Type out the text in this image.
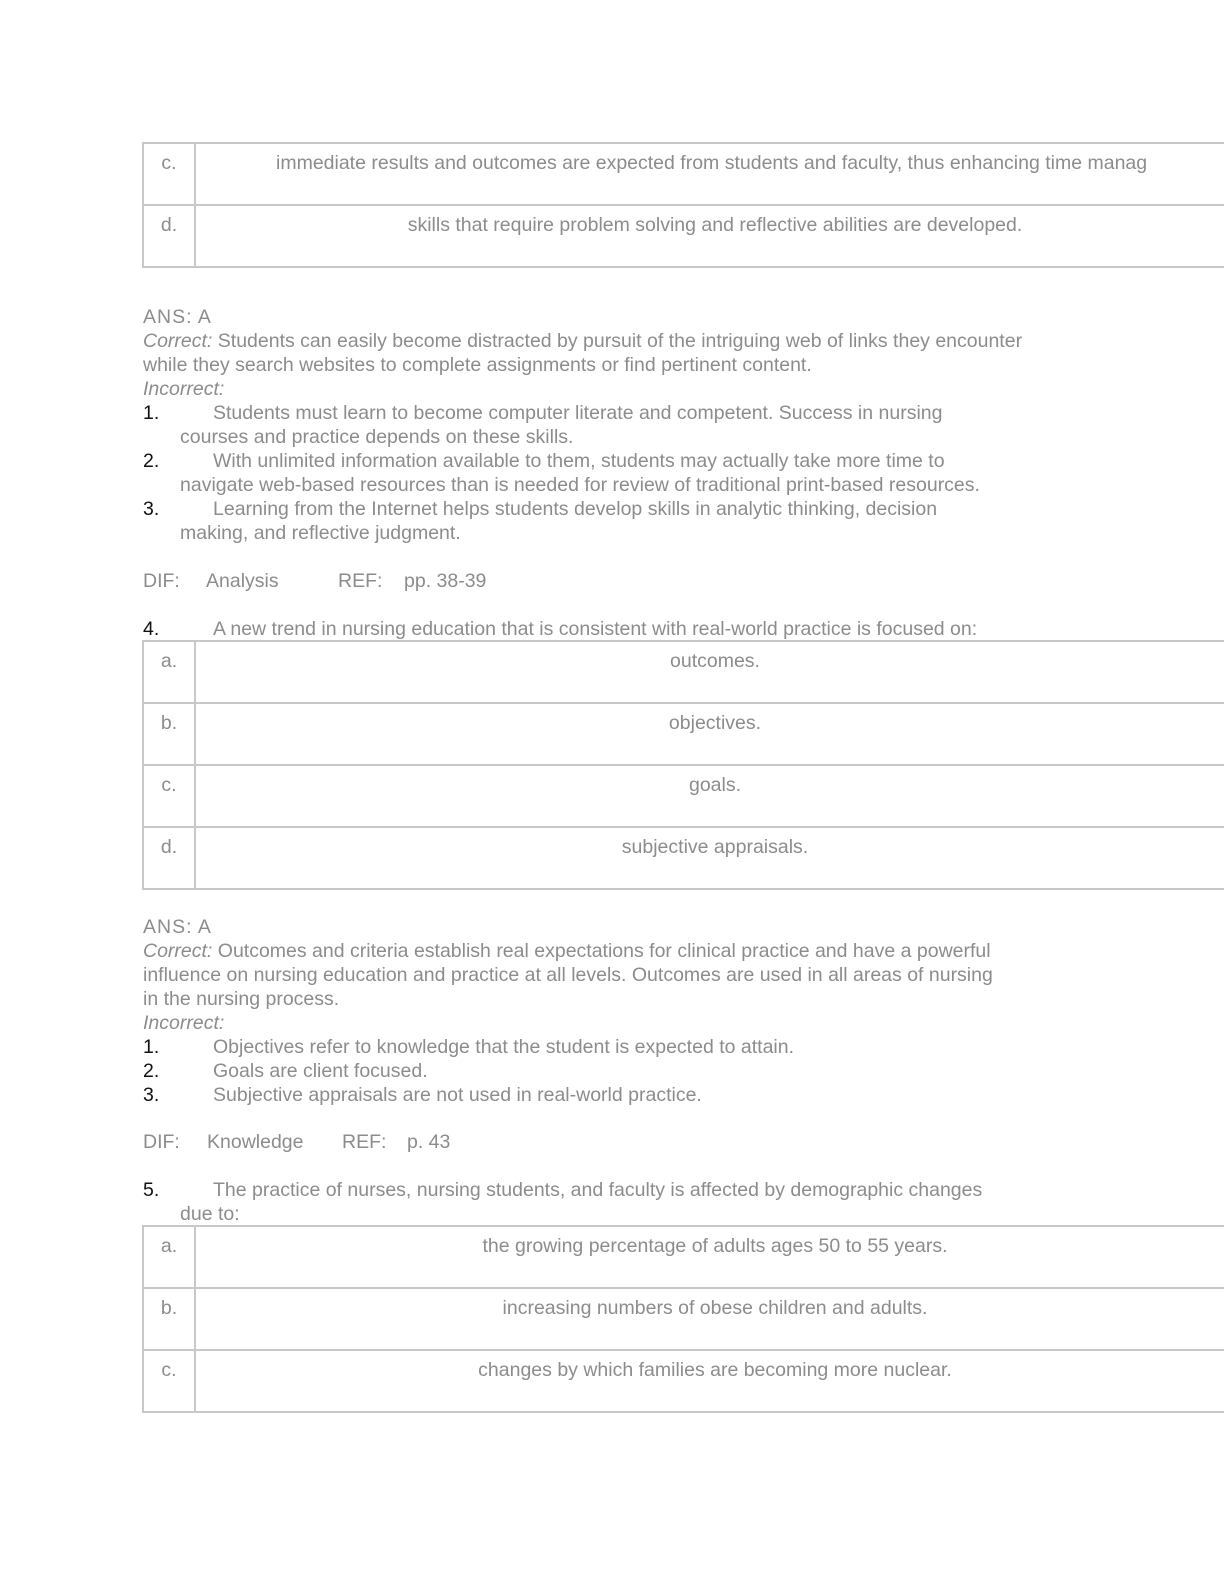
c.	immediate results and outcomes are expected from students and faculty, thus enhancing time manag
d.	skills that require problem solving and reflective abilities are developed.
ANS: A
Correct: Students can easily become distracted by pursuit of the intriguing web of links they encounter while they search websites to complete assignments or find pertinent content.
Incorrect:
1.	Students must learn to become computer literate and competent. Success in nursing
courses and practice depends on these skills.
2.	With unlimited information available to them, students may actually take more time to
navigate web-based resources than is needed for review of traditional print-based resources.
3.	Learning from the Internet helps students develop skills in analytic thinking, decision
making, and reflective judgment.
DIF: Analysis	REF: pp. 38-39
4.	A new trend in nursing education that is consistent with real-world practice is focused on:
a.	outcomes.
b.	objectives.
c.	goals.
d.	subjective appraisals.
ANS: A
Correct: Outcomes and criteria establish real expectations for clinical practice and have a powerful
influence on nursing education and practice at all levels. Outcomes are used in all areas of nursing
in the nursing process.
Incorrect:
1.	Objectives refer to knowledge that the student is expected to attain.
2.	Goals are client focused.
3.	Subjective appraisals are not used in real-world practice.
DIF: Knowledge REF: p. 43
5.	The practice of nurses, nursing students, and faculty is affected by demographic changes
due to:
a.	the growing percentage of adults ages 50 to 55 years.
b.	increasing numbers of obese children and adults.
c.	changes by which families are becoming more nuclear.
